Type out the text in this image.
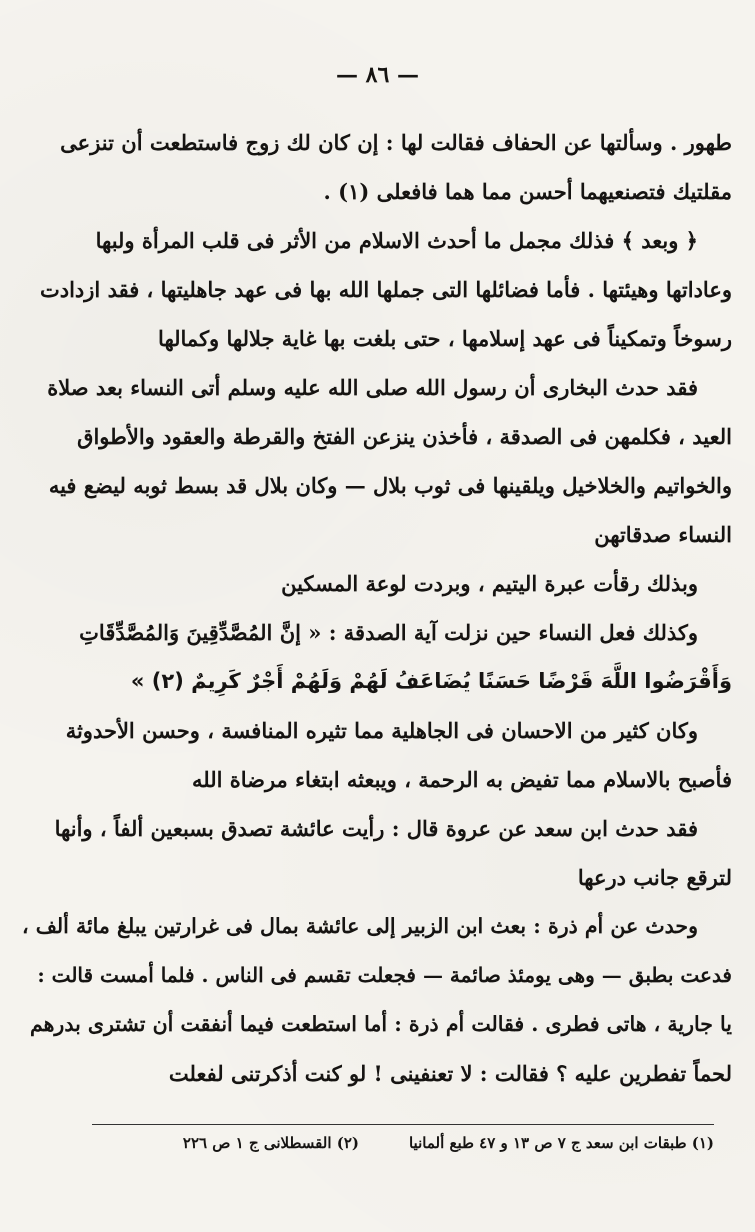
— ٨٦ —
طهور . وسألتها عن الحفاف فقالت لها : إن كان لك زوج فاستطعت أن تنزعى
مقلتيك فتصنعيهما أحسن مما هما فافعلى (١) .
﴿ وبعد ﴾ فذلك مجمل ما أحدث الاسلام من الأثر فى قلب المرأة ولبها
وعاداتها وهيئتها . فأما فضائلها التى جملها الله بها فى عهد جاهليتها ، فقد ازدادت
رسوخاً وتمكيناً فى عهد إسلامها ، حتى بلغت بها غاية جلالها وكمالها
فقد حدث البخارى أن رسول الله صلى الله عليه وسلم أتى النساء بعد صلاة
العيد ، فكلمهن فى الصدقة ، فأخذن ينزعن الفتخ والقرطة والعقود والأطواق
والخواتيم والخلاخيل ويلقينها فى ثوب بلال — وكان بلال قد بسط ثوبه ليضع فيه
النساء صدقاتهن
وبذلك رقأت عبرة اليتيم ، وبردت لوعة المسكين
وكذلك فعل النساء حين نزلت آية الصدقة : « إنَّ المُصَّدِّقِينَ وَالمُصَّدِّقَاتِ
وَأَقْرَضُوا اللَّهَ قَرْضًا حَسَنًا يُضَاعَفُ لَهُمْ وَلَهُمْ أَجْرٌ كَرِيمٌ (٢) »
وكان كثير من الاحسان فى الجاهلية مما تثيره المنافسة ، وحسن الأحدوثة
فأصبح بالاسلام مما تفيض به الرحمة ، ويبعثه ابتغاء مرضاة الله
فقد حدث ابن سعد عن عروة قال : رأيت عائشة تصدق بسبعين ألفاً ، وأنها
لترقع جانب درعها
وحدث عن أم ذرة : بعث ابن الزبير إلى عائشة بمال فى غرارتين يبلغ مائة ألف ،
فدعت بطبق — وهى يومئذ صائمة — فجعلت تقسم فى الناس . فلما أمست قالت :
يا جارية ، هاتى فطرى . فقالت أم ذرة : أما استطعت فيما أنفقت أن تشترى بدرهم
لحماً تفطرين عليه ؟ فقالت : لا تعنفينى ! لو كنت أذكرتنى لفعلت
(١) طبقات ابن سعد ج ٧ ص ١٣ و ٤٧ طبع ألمانيا
(٢) القسطلانى ج ١ ص ٢٢٦
